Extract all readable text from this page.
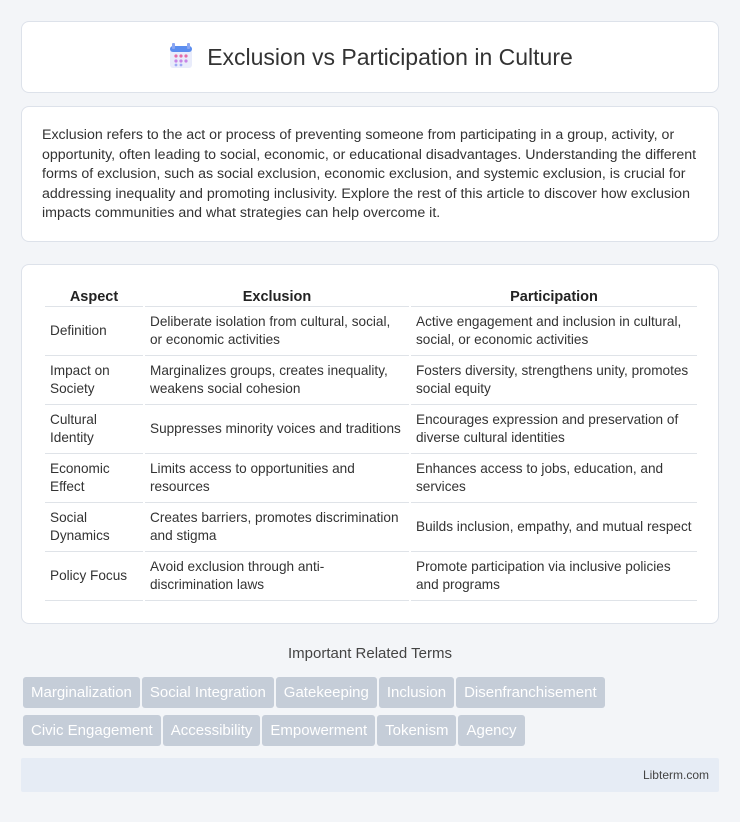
Exclusion vs Participation in Culture

Exclusion refers to the act or process of preventing someone from participating in a group, activity, or opportunity, often leading to social, economic, or educational disadvantages. Understanding the different forms of exclusion, such as social exclusion, economic exclusion, and systemic exclusion, is crucial for addressing inequality and promoting inclusivity. Explore the rest of this article to discover how exclusion impacts communities and what strategies can help overcome it.

Aspect	Exclusion	Participation
Definition	Deliberate isolation from cultural, social, or economic activities	Active engagement and inclusion in cultural, social, or economic activities
Impact on Society	Marginalizes groups, creates inequality, weakens social cohesion	Fosters diversity, strengthens unity, promotes social equity
Cultural Identity	Suppresses minority voices and traditions	Encourages expression and preservation of diverse cultural identities
Economic Effect	Limits access to opportunities and resources	Enhances access to jobs, education, and services
Social Dynamics	Creates barriers, promotes discrimination and stigma	Builds inclusion, empathy, and mutual respect
Policy Focus	Avoid exclusion through anti-discrimination laws	Promote participation via inclusive policies and programs
Important Related Terms
Marginalization Social Integration Gatekeeping Inclusion Disenfranchisement
Civic Engagement Accessibility Empowerment Tokenism Agency
Libterm.com
